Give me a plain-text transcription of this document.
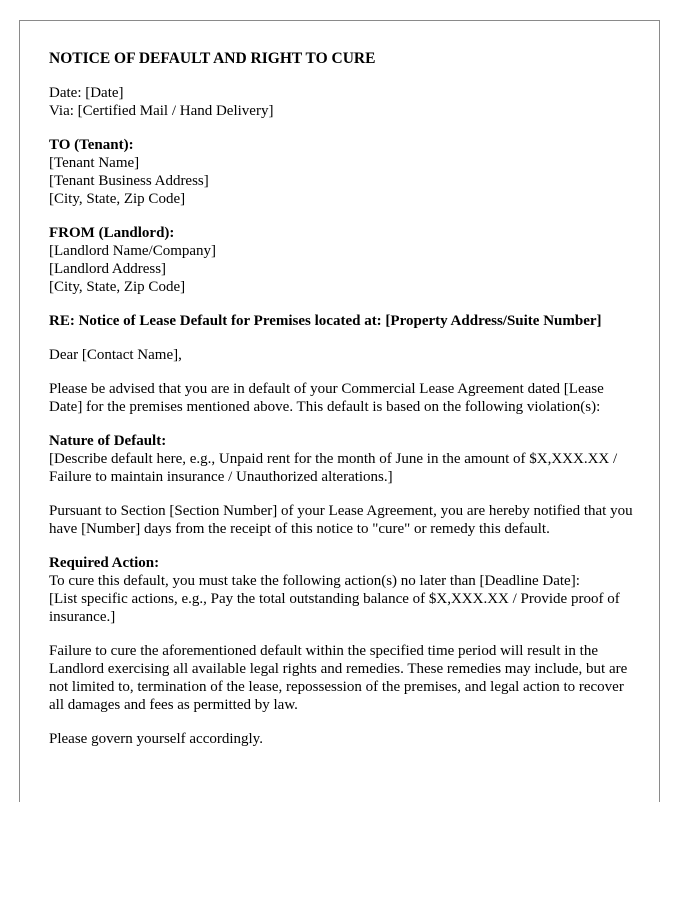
NOTICE OF DEFAULT AND RIGHT TO CURE
Date: [Date]
Via: [Certified Mail / Hand Delivery]
TO (Tenant):
[Tenant Name]
[Tenant Business Address]
[City, State, Zip Code]
FROM (Landlord):
[Landlord Name/Company]
[Landlord Address]
[City, State, Zip Code]

RE: Notice of Lease Default for Premises located at: [Property Address/Suite Number]

Dear [Contact Name],

Please be advised that you are in default of your Commercial Lease Agreement dated [Lease Date] for the premises mentioned above. This default is based on the following violation(s):

Nature of Default:
[Describe default here, e.g., Unpaid rent for the month of June in the amount of $X,XXX.XX / Failure to maintain insurance / Unauthorized alterations.]

Pursuant to Section [Section Number] of your Lease Agreement, you are hereby notified that you have [Number] days from the receipt of this notice to "cure" or remedy this default.

Required Action:
To cure this default, you must take the following action(s) no later than [Deadline Date]:
[List specific actions, e.g., Pay the total outstanding balance of $X,XXX.XX / Provide proof of insurance.]

Failure to cure the aforementioned default within the specified time period will result in the Landlord exercising all available legal rights and remedies. These remedies may include, but are not limited to, termination of the lease, repossession of the premises, and legal action to recover all damages and fees as permitted by law.

Please govern yourself accordingly.
